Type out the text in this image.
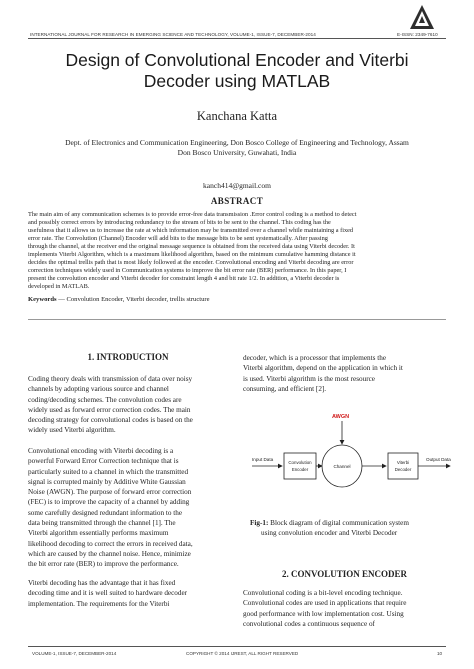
INTERNATIONAL JOURNAL FOR RESEARCH IN EMERGING SCIENCE AND TECHNOLOGY, VOLUME-1, ISSUE-7, DECEMBER-2014	E-ISSN: 2349-7610
Design of Convolutional Encoder and Viterbi
Decoder using MATLAB
Kanchana Katta
Dept. of Electronics and Communication Engineering, Don Bosco College of Engineering and Technology, Assam
Don Bosco University, Guwahati, India
kanch414@gmail.com
ABSTRACT
The main aim of any communication schemes is to provide error-free data transmission .Error control coding is a method to detect
and possibly correct errors by introducing redundancy to the stream of bits to be sent to the channel. This coding has the
usefulness that it allows us to increase the rate at which information may be transmitted over a channel while maintaining a fixed
error rate. The Convolution (Channel) Encoder will add bits to the message bits to be sent systematically. After passing
through the channel, at the receiver end the original message sequence is obtained from the received data using Viterbi decoder. It
implements Viterbi Algorithm, which is a maximum likelihood algorithm, based on the minimum cumulative hamming distance it
decides the optimal trellis path that is most likely followed at the encoder. Convolutional encoding and Viterbi decoding are error
correction techniques widely used in Communication systems to improve the bit error rate (BER) performance. In this paper, I
present the convolution encoder and Viterbi decoder for constraint length 4 and bit rate 1/2. In addition, a Viterbi decoder is
developed in MATLAB.
Keywords — Convolution Encoder, Viterbi decoder, trellis structure
1. INTRODUCTION
Coding theory deals with transmission of data over noisy
channels by adopting various source and channel
coding/decoding schemes. The convolution codes are
widely used as forward error correction codes. The main
decoding strategy for convolutional codes is based on the
widely used Viterbi algorithm.
Convolutional encoding with Viterbi decoding is a
powerful Forward Error Correction technique that is
particularly suited to a channel in which the transmitted
signal is corrupted mainly by Additive White Gaussian
Noise (AWGN). The purpose of forward error correction
(FEC) is to improve the capacity of a channel by adding
some carefully designed redundant information to the
data being transmitted through the channel [1]. The
Viterbi algorithm essentially performs maximum
likelihood decoding to correct the errors in received data,
which are caused by the channel noise. Hence, minimize
the bit error rate (BER) to improve the performance.
Viterbi decoding has the advantage that it has fixed
decoding time and it is well suited to hardware decoder
implementation. The requirements for the Viterbi
decoder, which is a processor that implements the
Viterbi algorithm, depend on the application in which it
is used. Viterbi algorithm is the most resource
consuming, and efficient [2].
AWGN
Input Data
Convolution
Encoder
Channel
Viterbi
Decoder
Output Data
Fig-1: Block diagram of digital communication system
using convolution encoder and Viterbi Decoder
2. CONVOLUTION ENCODER
Convolutional coding is a bit-level encoding technique.
Convolutional codes are used in applications that require
good performance with low implementation cost. Using
convolutional codes a continuous sequence of
VOLUME-1, ISSUE-7, DECEMBER-2014	COPYRIGHT © 2014 IJREST, ALL RIGHT RESERVED	10
